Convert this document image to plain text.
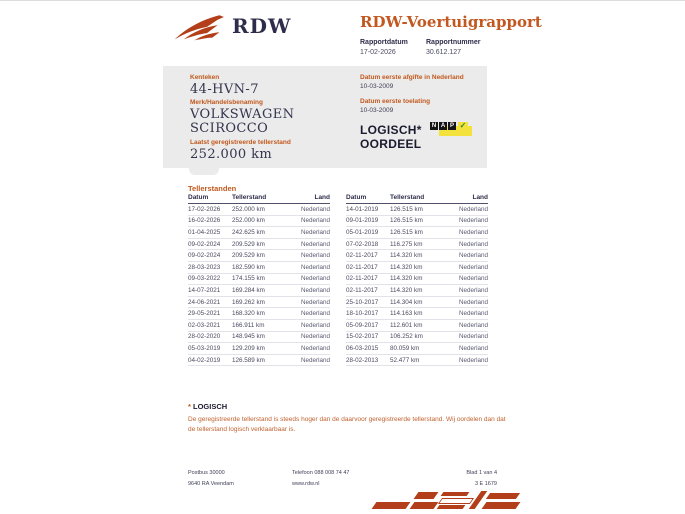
RDW	RDW-Voertuigrapport
Rapportdatum
17-02-2026
Rapportnummer
30.612.127
Kenteken
44-HVN-7
Merk/Handelsbenaming
VOLKSWAGEN
SCIROCCO
Laatst geregistreerde tellerstand
252.000 km
Datum eerste afgifte in Nederland
10-03-2009
Datum eerste toelating
10-03-2009
LOGISCH*
OORDEEL
N A P ✓
Tellerstanden
Datum	Tellerstand	Land
17-02-2026	252.000 km	Nederland
16-02-2026	252.000 km	Nederland
01-04-2025	242.625 km	Nederland
09-02-2024	209.529 km	Nederland
09-02-2024	209.529 km	Nederland
28-03-2023	182.590 km	Nederland
09-03-2022	174.155 km	Nederland
14-07-2021	169.284 km	Nederland
24-06-2021	169.262 km	Nederland
29-05-2021	168.320 km	Nederland
02-03-2021	166.911 km	Nederland
28-02-2020	148.945 km	Nederland
05-03-2019	129.209 km	Nederland
04-02-2019	126.589 km	Nederland
Datum	Tellerstand	Land
14-01-2019	126.515 km	Nederland
09-01-2019	126.515 km	Nederland
05-01-2019	126.515 km	Nederland
07-02-2018	116.275 km	Nederland
02-11-2017	114.320 km	Nederland
02-11-2017	114.320 km	Nederland
02-11-2017	114.320 km	Nederland
02-11-2017	114.320 km	Nederland
25-10-2017	114.304 km	Nederland
18-10-2017	114.163 km	Nederland
05-09-2017	112.601 km	Nederland
15-02-2017	106.252 km	Nederland
06-03-2015	80.059 km	Nederland
28-02-2013	52.477 km	Nederland
* LOGISCH
De geregistreerde tellerstand is steeds hoger dan de daarvoor geregistreerde tellerstand. Wij oordelen dan dat de tellerstand logisch verklaarbaar is.
Postbus 30000
9640 RA Veendam
Telefoon 088 008 74 47
www.rdw.nl
Blad 1 van 4
3 E 1679
